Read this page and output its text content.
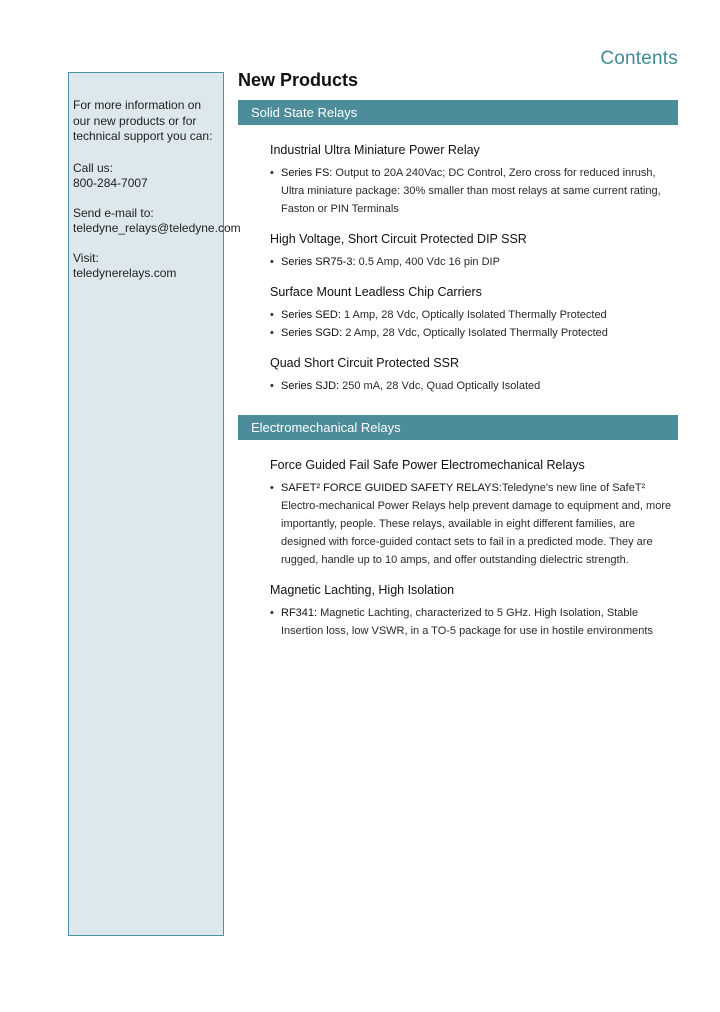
Contents

For more information on our new products or for technical support you can:

Call us:
800-284-7007

Send e-mail to:
teledyne_relays@teledyne.com

Visit:
teledynerelays.com

New Products
Solid State Relays
Industrial Ultra Miniature Power Relay
• Series FS: Output to 20A 240Vac; DC Control, Zero cross for reduced inrush, Ultra miniature package: 30% smaller than most relays at same current rating, Faston or PIN Terminals
High Voltage, Short Circuit Protected DIP SSR
• Series SR75-3: 0.5 Amp, 400 Vdc 16 pin DIP
Surface Mount Leadless Chip Carriers
• Series SED: 1 Amp, 28 Vdc, Optically Isolated Thermally Protected
• Series SGD: 2 Amp, 28 Vdc, Optically Isolated Thermally Protected
Quad Short Circuit Protected SSR
• Series SJD: 250 mA, 28 Vdc, Quad Optically Isolated
Electromechanical Relays
Force Guided Fail Safe Power Electromechanical Relays
• SAFET² FORCE GUIDED SAFETY RELAYS:Teledyne's new line of SafeT² Electro-mechanical Power Relays help prevent damage to equipment and, more importantly, people. These relays, available in eight different families, are designed with force-guided contact sets to fail in a predicted mode. They are rugged, handle up to 10 amps, and offer outstanding dielectric strength.
Magnetic Lachting, High Isolation
• RF341: Magnetic Lachting, characterized to 5 GHz. High Isolation, Stable Insertion loss, low VSWR, in a TO-5 package for use in hostile environments
